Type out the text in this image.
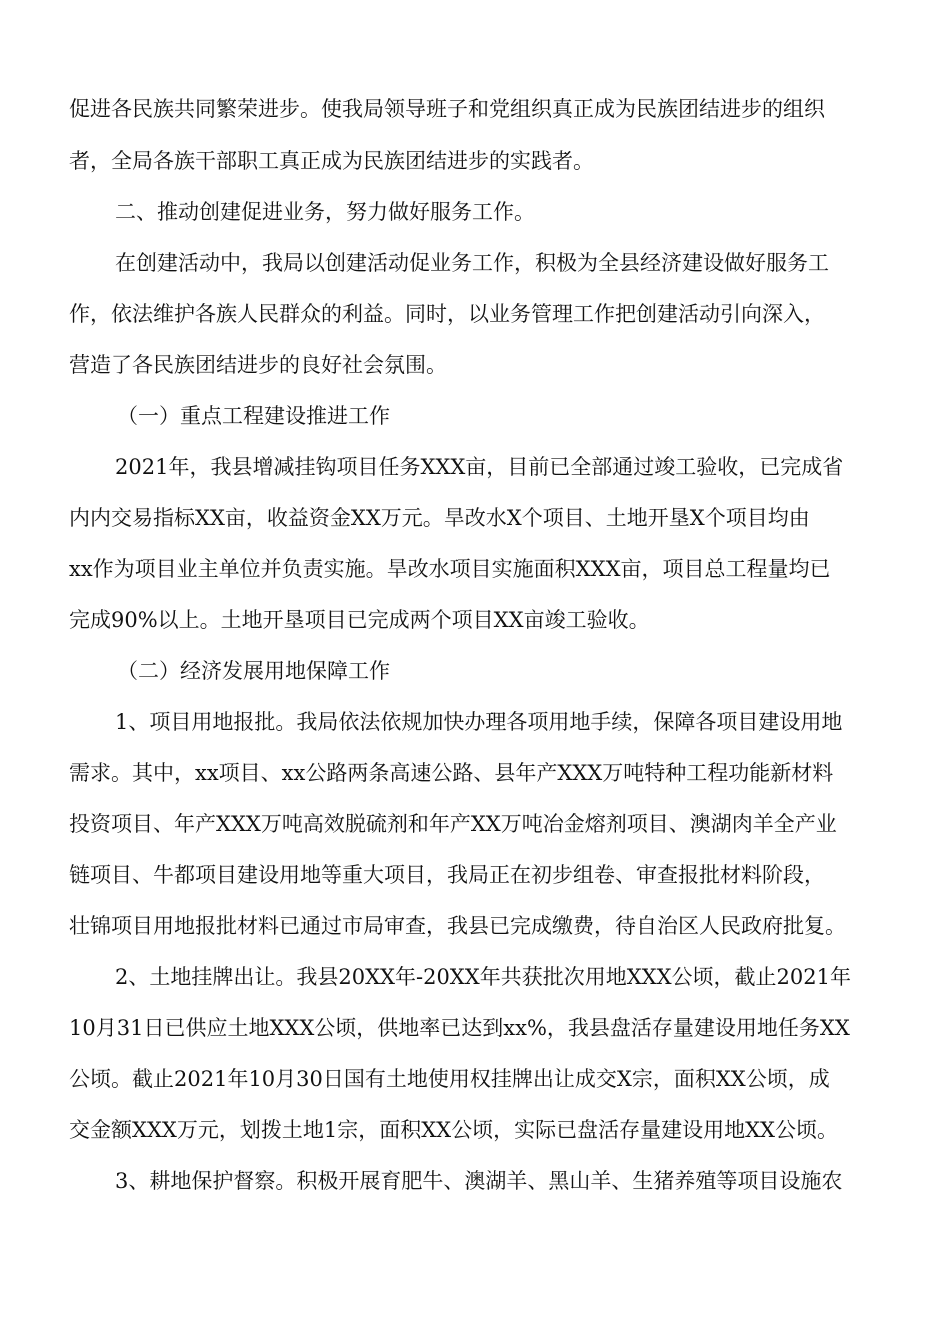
促进各民族共同繁荣进步。使我局领导班子和党组织真正成为民族团结进步的组织
者，全局各族干部职工真正成为民族团结进步的实践者。
二、推动创建促进业务，努力做好服务工作。
在创建活动中，我局以创建活动促业务工作，积极为全县经济建设做好服务工
作，依法维护各族人民群众的利益。同时，以业务管理工作把创建活动引向深入，
营造了各民族团结进步的良好社会氛围。
（一）重点工程建设推进工作
2021年，我县增减挂钩项目任务XXX亩，目前已全部通过竣工验收，已完成省
内内交易指标XX亩，收益资金XX万元。旱改水X个项目、土地开垦X个项目均由
xx作为项目业主单位并负责实施。旱改水项目实施面积XXX亩，项目总工程量均已
完成90%以上。土地开垦项目已完成两个项目XX亩竣工验收。
（二）经济发展用地保障工作
1、项目用地报批。我局依法依规加快办理各项用地手续，保障各项目建设用地
需求。其中，xx项目、xx公路两条高速公路、县年产XXX万吨特种工程功能新材料
投资项目、年产XXX万吨高效脱硫剂和年产XX万吨冶金熔剂项目、澳湖肉羊全产业
链项目、牛都项目建设用地等重大项目，我局正在初步组卷、审查报批材料阶段，
壮锦项目用地报批材料已通过市局审查，我县已完成缴费，待自治区人民政府批复。
2、土地挂牌出让。我县20XX年-20XX年共获批次用地XXX公顷，截止2021年
10月31日已供应土地XXX公顷，供地率已达到xx%，我县盘活存量建设用地任务XX
公顷。截止2021年10月30日国有土地使用权挂牌出让成交X宗，面积XX公顷，成
交金额XXX万元，划拨土地1宗，面积XX公顷，实际已盘活存量建设用地XX公顷。
3、耕地保护督察。积极开展育肥牛、澳湖羊、黑山羊、生猪养殖等项目设施农
